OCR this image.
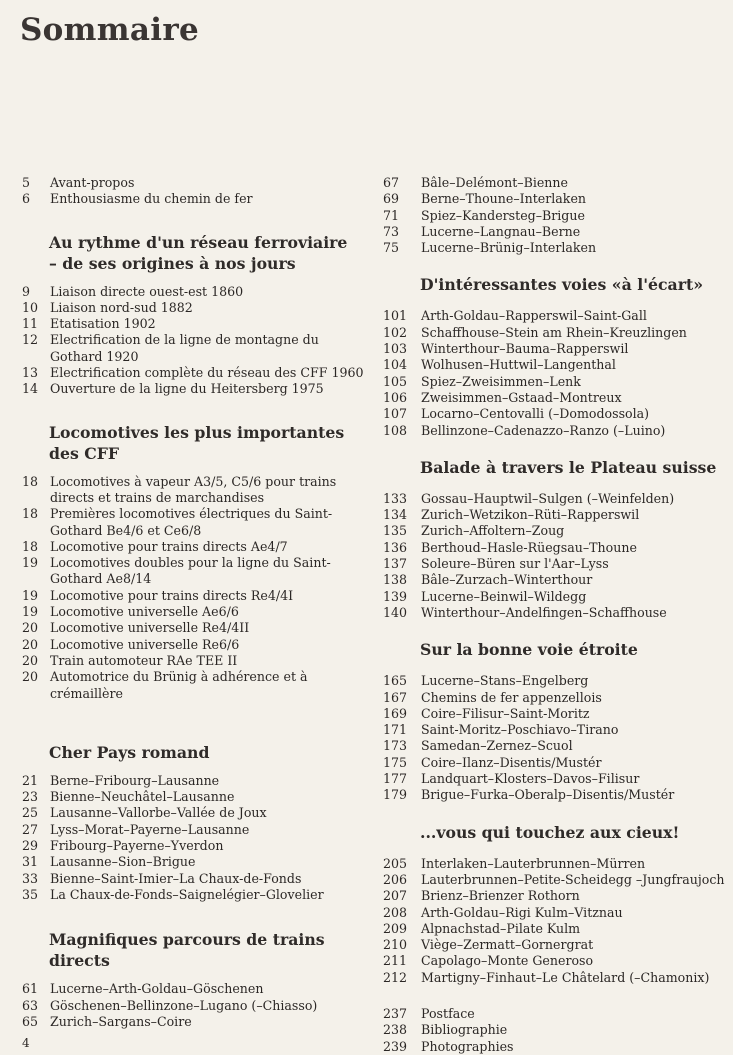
Sommaire
5	Avant-propos
6	Enthousiasme du chemin de fer
Au rythme d'un réseau ferroviaire – de ses origines à nos jours
9	Liaison directe ouest-est 1860
10 Liaison nord-sud 1882
11 Etatisation 1902
12 Electrification de la ligne de montagne du Gothard 1920
13 Electrification complète du réseau des CFF 1960
14 Ouverture de la ligne du Heitersberg 1975
Locomotives les plus importantes des CFF
18 Locomotives à vapeur A3/5, C5/6 pour trains directs et trains de marchandises
18 Premières locomotives électriques du Saint-Gothard Be4/6 et Ce6/8
18 Locomotive pour trains directs Ae4/7
19 Locomotives doubles pour la ligne du Saint-Gothard Ae8/14
19 Locomotive pour trains directs Re4/4I
19 Locomotive universelle Ae6/6
20 Locomotive universelle Re4/4II
20 Locomotive universelle Re6/6
20 Train automoteur RAe TEE II
20 Automotrice du Brünig à adhérence et à crémaillère
Cher Pays romand
21 Berne–Fribourg–Lausanne
23 Bienne–Neuchâtel–Lausanne
25 Lausanne–Vallorbe–Vallée de Joux
27 Lyss–Morat–Payerne–Lausanne
29 Fribourg–Payerne–Yverdon
31 Lausanne–Sion–Brigue
33 Bienne–Saint-Imier–La Chaux-de-Fonds
35 La Chaux-de-Fonds–Saignelégier–Glovelier
Magnifiques parcours de trains directs
61 Lucerne–Arth-Goldau–Göschenen
63 Göschenen–Bellinzone–Lugano (–Chiasso)
65 Zurich–Sargans–Coire
67	Bâle–Delémont–Bienne
69	Berne–Thoune–Interlaken
71	Spiez–Kandersteg–Brigue
73	Lucerne–Langnau–Berne
75	Lucerne–Brünig–Interlaken
D'intéressantes voies «à l'écart»
101	Arth-Goldau–Rapperswil–Saint-Gall
102	Schaffhouse–Stein am Rhein–Kreuzlingen
103	Winterthour–Bauma–Rapperswil
104	Wolhusen–Huttwil–Langenthal
105	Spiez–Zweisimmen–Lenk
106	Zweisimmen–Gstaad–Montreux
107	Locarno–Centovalli (–Domodossola)
108	Bellinzone–Cadenazzo–Ranzo (–Luino)
Balade à travers le Plateau suisse
133	Gossau–Hauptwil–Sulgen (–Weinfelden)
134	Zurich–Wetzikon–Rüti–Rapperswil
135	Zurich–Affoltern–Zoug
136	Berthoud–Hasle-Rüegsau–Thoune
137	Soleure–Büren sur l'Aar–Lyss
138	Bâle–Zurzach–Winterthour
139	Lucerne–Beinwil–Wildegg
140	Winterthour–Andelfingen–Schaffhouse
Sur la bonne voie étroite
165	Lucerne–Stans–Engelberg
167	Chemins de fer appenzellois
169	Coire–Filisur–Saint-Moritz
171	Saint-Moritz–Poschiavo–Tirano
173	Samedan–Zernez–Scuol
175	Coire–Ilanz–Disentis/Mustér
177	Landquart–Klosters–Davos–Filisur
179	Brigue–Furka–Oberalp–Disentis/Mustér
...vous qui touchez aux cieux!
205	Interlaken–Lauterbrunnen–Mürren
206	Lauterbrunnen–Petite-Scheidegg –Jungfraujoch
207	Brienz–Brienzer Rothorn
208	Arth-Goldau–Rigi Kulm–Vitznau
209	Alpnachstad–Pilate Kulm
210	Viège–Zermatt–Gornergrat
211	Capolago–Monte Generoso
212	Martigny–Finhaut–Le Châtelard (–Chamonix)
237	Postface
238	Bibliographie
239	Photographies
4
